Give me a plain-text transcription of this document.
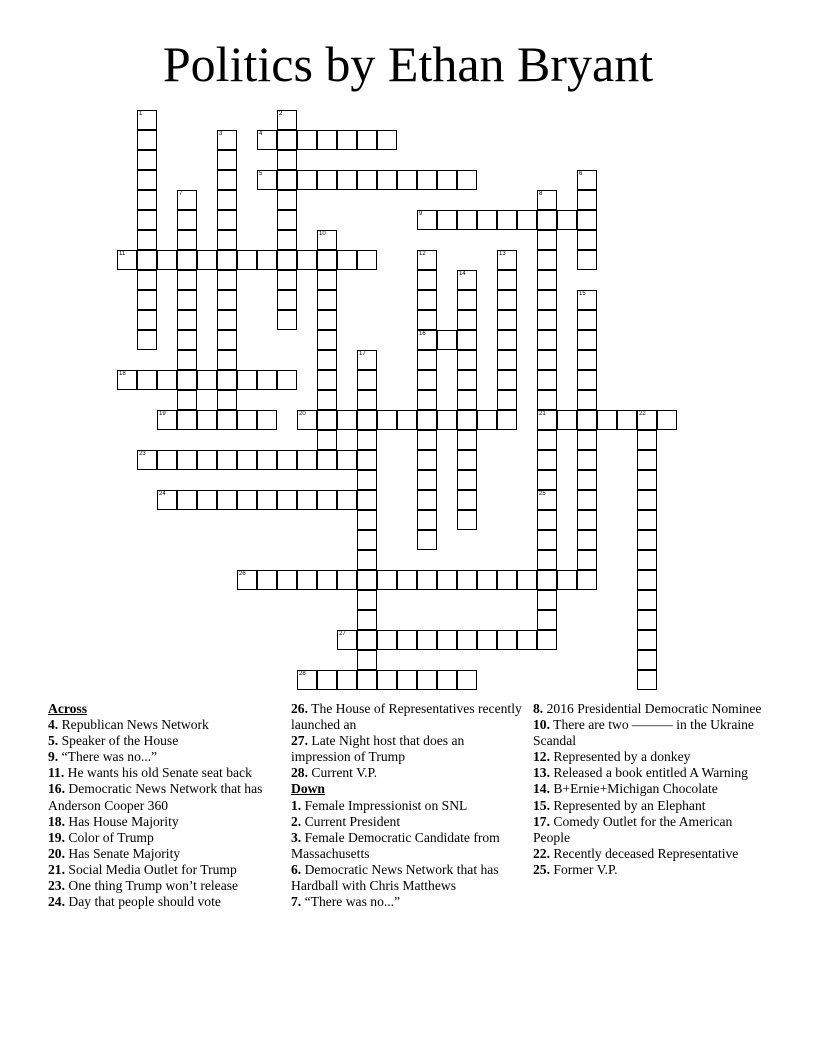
Politics by Ethan Bryant
1	2
3	4
5	6
7	8
21
9
10
11	12
16
13
14
15
17
18
19	20	22
23
24	25
26
27
28
Across
4. Republican News Network
5. Speaker of the House
9. “There was no...”
11. He wants his old Senate seat back
16. Democratic News Network that has Anderson Cooper 360
18. Has House Majority
19. Color of Trump
20. Has Senate Majority
21. Social Media Outlet for Trump
23. One thing Trump won’t release
24. Day that people should vote
26. The House of Representatives recently launched an
27. Late Night host that does an impression of Trump
28. Current V.P.
Down
1. Female Impressionist on SNL
2. Current President
3. Female Democratic Candidate from Massachusetts
6. Democratic News Network that has Hardball with Chris Matthews
7. “There was no...”
8. 2016 Presidential Democratic Nominee
10. There are two ——— in the Ukraine Scandal
12. Represented by a donkey
13. Released a book entitled A Warning
14. B+Ernie+Michigan Chocolate
15. Represented by an Elephant
17. Comedy Outlet for the American People
22. Recently deceased Representative
25. Former V.P.
